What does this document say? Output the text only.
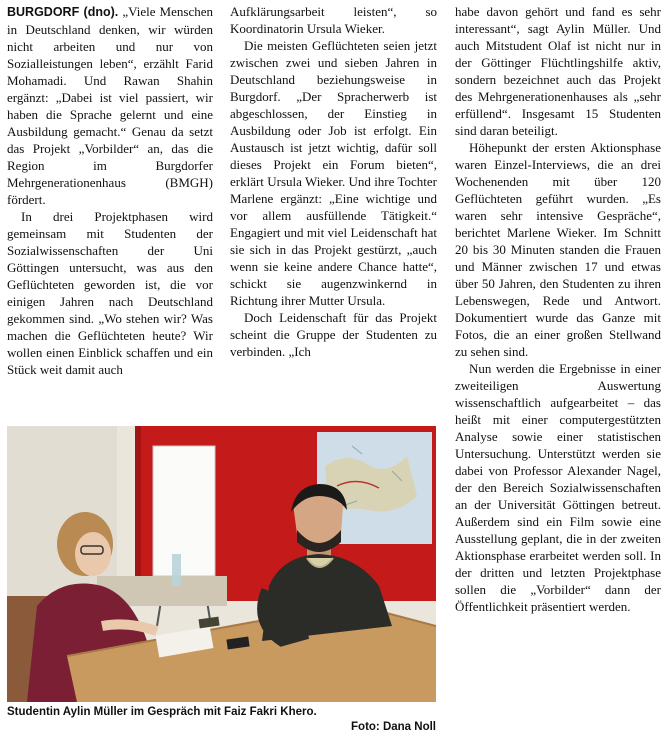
BURGDORF (dno). „Viele Menschen in Deutschland denken, wir würden nicht arbeiten und nur von Sozialleistungen leben“, erzählt Farid Mohamadi. Und Rawan Shahin ergänzt: „Dabei ist viel passiert, wir haben die Sprache gelernt und eine Ausbildung gemacht.“ Genau da setzt das Projekt „Vorbilder“ an, das die Region im Burgdorfer Mehrgenerationenhaus (BMGH) fördert.

In drei Projektphasen wird gemeinsam mit Studenten der Sozialwissenschaften der Uni Göttingen untersucht, was aus den Geflüchteten geworden ist, die vor einigen Jahren nach Deutschland gekommen sind. „Wo stehen wir? Was machen die Geflüchteten heute? Wir wollen einen Einblick schaffen und ein Stück weit damit auch

Aufklärungsarbeit leisten“, so Koordinatorin Ursula Wieker.

Die meisten Geflüchteten seien jetzt zwischen zwei und sieben Jahren in Deutschland beziehungsweise in Burgdorf. „Der Spracherwerb ist abgeschlossen, der Einstieg in Ausbildung oder Job ist erfolgt. Ein Austausch ist jetzt wichtig, dafür soll dieses Projekt ein Forum bieten“, erklärt Ursula Wieker. Und ihre Tochter Marlene ergänzt: „Eine wichtige und vor allem ausfüllende Tätigkeit.“ Engagiert und mit viel Leidenschaft hat sie sich in das Projekt gestürzt, „auch wenn sie keine andere Chance hatte“, schickt sie augenzwinkernd in Richtung ihrer Mutter Ursula.

Doch Leidenschaft für das Projekt scheint die Gruppe der Studenten zu verbinden. „Ich

habe davon gehört und fand es sehr interessant“, sagt Aylin Müller. Und auch Mitstudent Olaf ist nicht nur in der Göttinger Flüchtlingshilfe aktiv, sondern bezeichnet auch das Projekt des Mehrgenerationenhauses als „sehr erfüllend“. Insgesamt 15 Studenten sind daran beteiligt.

Höhepunkt der ersten Aktionsphase waren Einzel-Interviews, die an drei Wochenenden mit über 120 Geflüchteten geführt wurden. „Es waren sehr intensive Gespräche“, berichtet Marlene Wieker. Im Schnitt 20 bis 30 Minuten standen die Frauen und Männer zwischen 17 und etwas über 50 Jahren, den Studenten zu ihren Lebenswegen, Rede und Antwort. Dokumentiert wurde das Ganze mit Fotos, die an einer großen Stellwand zu sehen sind.

Nun werden die Ergebnisse in einer zweiteiligen Auswertung wissenschaftlich aufgearbeitet – das heißt mit einer computergestützten Analyse sowie einer statistischen Untersuchung. Unterstützt werden sie dabei von Professor Alexander Nagel, der den Bereich Sozialwissenschaften an der Universität Göttingen betreut. Außerdem sind ein Film sowie eine Ausstellung geplant, die in der zweiten Aktionsphase erarbeitet werden soll. In der dritten und letzten Projektphase sollen die „Vorbilder“ dann der Öffentlichkeit präsentiert werden.

Studentin Aylin Müller im Gespräch mit Faiz Fakri Khero.
Foto: Dana Noll
